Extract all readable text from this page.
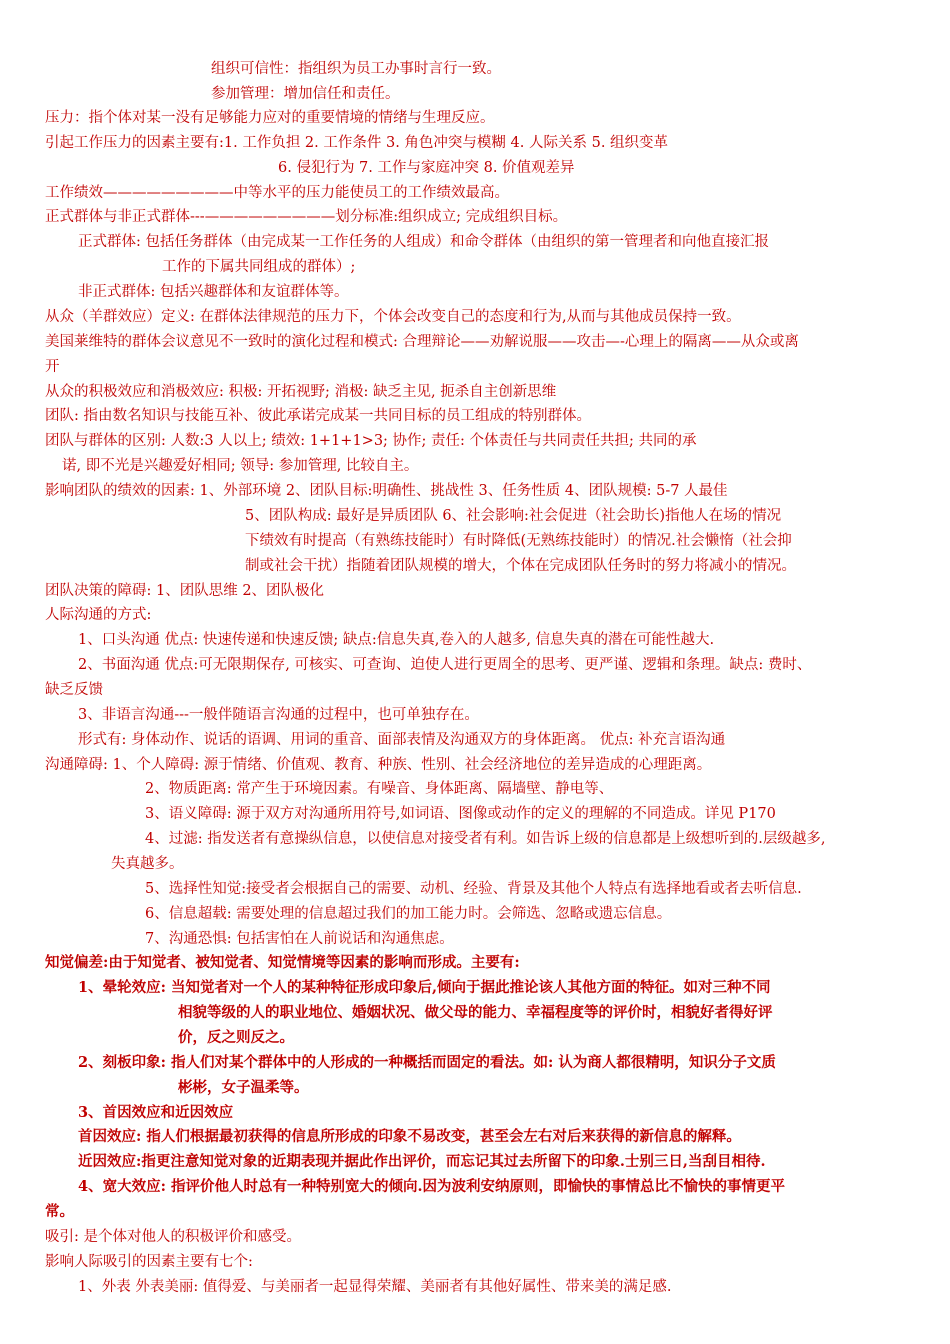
组织可信性：指组织为员工办事时言行一致。
参加管理：增加信任和责任。
压力：指个体对某一没有足够能力应对的重要情境的情绪与生理反应。
引起工作压力的因素主要有:1. 工作负担 2. 工作条件 3. 角色冲突与模糊 4. 人际关系 5. 组织变革
6. 侵犯行为 7. 工作与家庭冲突 8. 价值观差异
工作绩效—————————中等水平的压力能使员工的工作绩效最高。
正式群体与非正式群体---—————————划分标准:组织成立; 完成组织目标。
正式群体: 包括任务群体（由完成某一工作任务的人组成）和命令群体（由组织的第一管理者和向他直接汇报
工作的下属共同组成的群体）;
非正式群体: 包括兴趣群体和友谊群体等。
从众（羊群效应）定义: 在群体法律规范的压力下，个体会改变自己的态度和行为,从而与其他成员保持一致。
美国莱维特的群体会议意见不一致时的演化过程和模式: 合理辩论——劝解说服——攻击—-心理上的隔离——从众或离
开
从众的积极效应和消极效应: 积极: 开拓视野; 消极: 缺乏主见, 扼杀自主创新思维
团队: 指由数名知识与技能互补、彼此承诺完成某一共同目标的员工组成的特别群体。
团队与群体的区别: 人数:3 人以上; 绩效: 1+1+1>3; 协作; 责任: 个体责任与共同责任共担; 共同的承
诺, 即不光是兴趣爱好相同; 领导: 参加管理, 比较自主。
影响团队的绩效的因素: 1、外部环境 2、团队目标:明确性、挑战性 3、任务性质 4、团队规模: 5-7 人最佳
5、团队构成: 最好是异质团队 6、社会影响:社会促进（社会助长)指他人在场的情况
下绩效有时提高（有熟练技能时）有时降低(无熟练技能时）的情况.社会懒惰（社会抑
制或社会干扰）指随着团队规模的增大，个体在完成团队任务时的努力将减小的情况。
团队决策的障碍: 1、团队思维 2、团队极化
人际沟通的方式:
1、口头沟通 优点: 快速传递和快速反馈; 缺点:信息失真,卷入的人越多, 信息失真的潜在可能性越大.
2、书面沟通 优点:可无限期保存, 可核实、可查询、迫使人进行更周全的思考、更严谨、逻辑和条理。缺点: 费时、
缺乏反馈
3、非语言沟通---一般伴随语言沟通的过程中，也可单独存在。
形式有: 身体动作、说话的语调、用词的重音、面部表情及沟通双方的身体距离。 优点: 补充言语沟通
沟通障碍: 1、个人障碍: 源于情绪、价值观、教育、种族、性别、社会经济地位的差异造成的心理距离。
2、物质距离: 常产生于环境因素。有噪音、身体距离、隔墙壁、静电等、
3、语义障碍: 源于双方对沟通所用符号,如词语、图像或动作的定义的理解的不同造成。详见 P170
4、过滤: 指发送者有意操纵信息，以使信息对接受者有利。如告诉上级的信息都是上级想听到的.层级越多,
失真越多。
5、选择性知觉:接受者会根据自己的需要、动机、经验、背景及其他个人特点有选择地看或者去听信息.
6、信息超载: 需要处理的信息超过我们的加工能力时。会筛选、忽略或遗忘信息。
7、沟通恐惧: 包括害怕在人前说话和沟通焦虑。
知觉偏差:由于知觉者、被知觉者、知觉情境等因素的影响而形成。主要有:
1、晕轮效应: 当知觉者对一个人的某种特征形成印象后,倾向于据此推论该人其他方面的特征。如对三种不同
相貌等级的人的职业地位、婚姻状况、做父母的能力、幸福程度等的评价时，相貌好者得好评
价，反之则反之。
2、刻板印象: 指人们对某个群体中的人形成的一种概括而固定的看法。如: 认为商人都很精明，知识分子文质
彬彬，女子温柔等。
3、首因效应和近因效应
首因效应: 指人们根据最初获得的信息所形成的印象不易改变，甚至会左右对后来获得的新信息的解释。
近因效应:指更注意知觉对象的近期表现并据此作出评价，而忘记其过去所留下的印象.士别三日,当刮目相待.
4、宽大效应: 指评价他人时总有一种特别宽大的倾向.因为波利安纳原则，即愉快的事情总比不愉快的事情更平
常。
吸引: 是个体对他人的积极评价和感受。
影响人际吸引的因素主要有七个:
1、外表 外表美丽: 值得爱、与美丽者一起显得荣耀、美丽者有其他好属性、带来美的满足感.
